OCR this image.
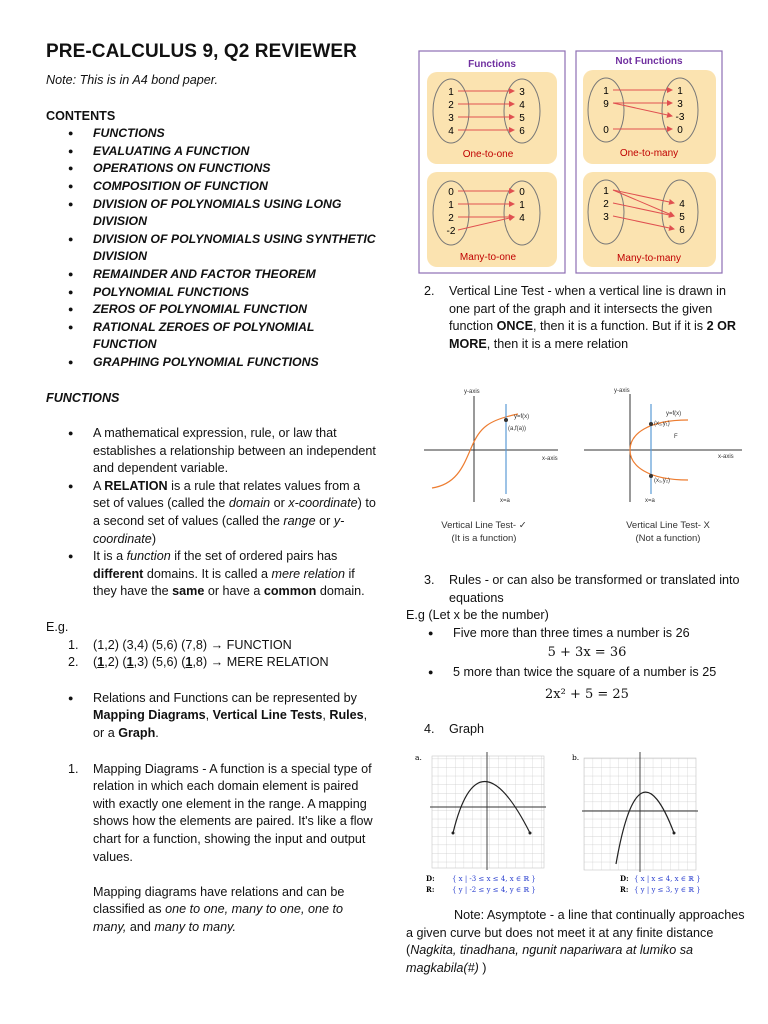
PRE-CALCULUS 9, Q2 REVIEWER

Note: This is in A4 bond paper.

CONTENTS
● FUNCTIONS
● EVALUATING A FUNCTION
● OPERATIONS ON FUNCTIONS
● COMPOSITION OF FUNCTION
● DIVISION OF POLYNOMIALS USING LONG DIVISION
● DIVISION OF POLYNOMIALS USING SYNTHETIC DIVISION
● REMAINDER AND FACTOR THEOREM
● POLYNOMIAL FUNCTIONS
● ZEROS OF POLYNOMIAL FUNCTION
● RATIONAL ZEROES OF POLYNOMIAL FUNCTION
● GRAPHING POLYNOMIAL FUNCTIONS
FUNCTIONS
● A mathematical expression, rule, or law that establishes a relationship between an independent and dependent variable.
● A RELATION is a rule that relates values from a set of values (called the domain or x-coordinate) to a second set of values (called the range or y-coordinate)
● It is a function if the set of ordered pairs has different domains. It is called a mere relation if they have the same or have a common domain.
E.g.
1. (1,2) (3,4) (5,6) (7,8) → FUNCTION
2. (1,2) (1,3) (5,6) (1,8) → MERE RELATION
● Relations and Functions can be represented by Mapping Diagrams, Vertical Line Tests, Rules, or a Graph.
1. Mapping Diagrams - A function is a special type of relation in which each domain element is paired with exactly one element in the range. A mapping shows how the elements are paired. It's like a flow chart for a function, showing the input and output values.
Mapping diagrams have relations and can be classified as one to one, many to one, one to many, and many to many.
Functions	Not Functions
1
2
3
4
3
4
5
6
One-to-one
0
1
2
-2
0
1
4
Many-to-one
1
9
0
1
3
-3
0
One-to-many
1
2
3
4
5
6
Many-to-many
2. Vertical Line Test - when a vertical line is drawn in one part of the graph and it intersects the given function ONCE, then it is a function. But if it is 2 OR MORE, then it is a mere relation
y-axis
x-axis
y=f(x)
(a,f(a))
x=a
Vertical Line Test- ✓
(It is a function)
y-axis
x-axis
y=f(x)
(x₁,y₁)
F
(x₁,y₂)
x=a
Vertical Line Test- X
(Not a function)
3. Rules - or can also be transformed or translated into equations
E.g (Let x be the number)
● Five more than three times a number is 26
5 + 3x = 36
● 5 more than twice the square of a number is 25
2x² + 5 = 25
4. Graph
a.
D: { x | -3 ≤ x ≤ 4, x ∈ ℝ }
R:	{ y | -2 ≤ y ≤ 4, y ∈ ℝ }
b.
D: { x | x ≤ 4, x ∈ ℝ }
R: { y | y ≤ 3, y ∈ ℝ }
Note: Asymptote - a line that continually approaches a given curve but does not meet it at any finite distance (Nagkita, tinadhana, ngunit napariwara at lumiko sa magkabila(#) )
